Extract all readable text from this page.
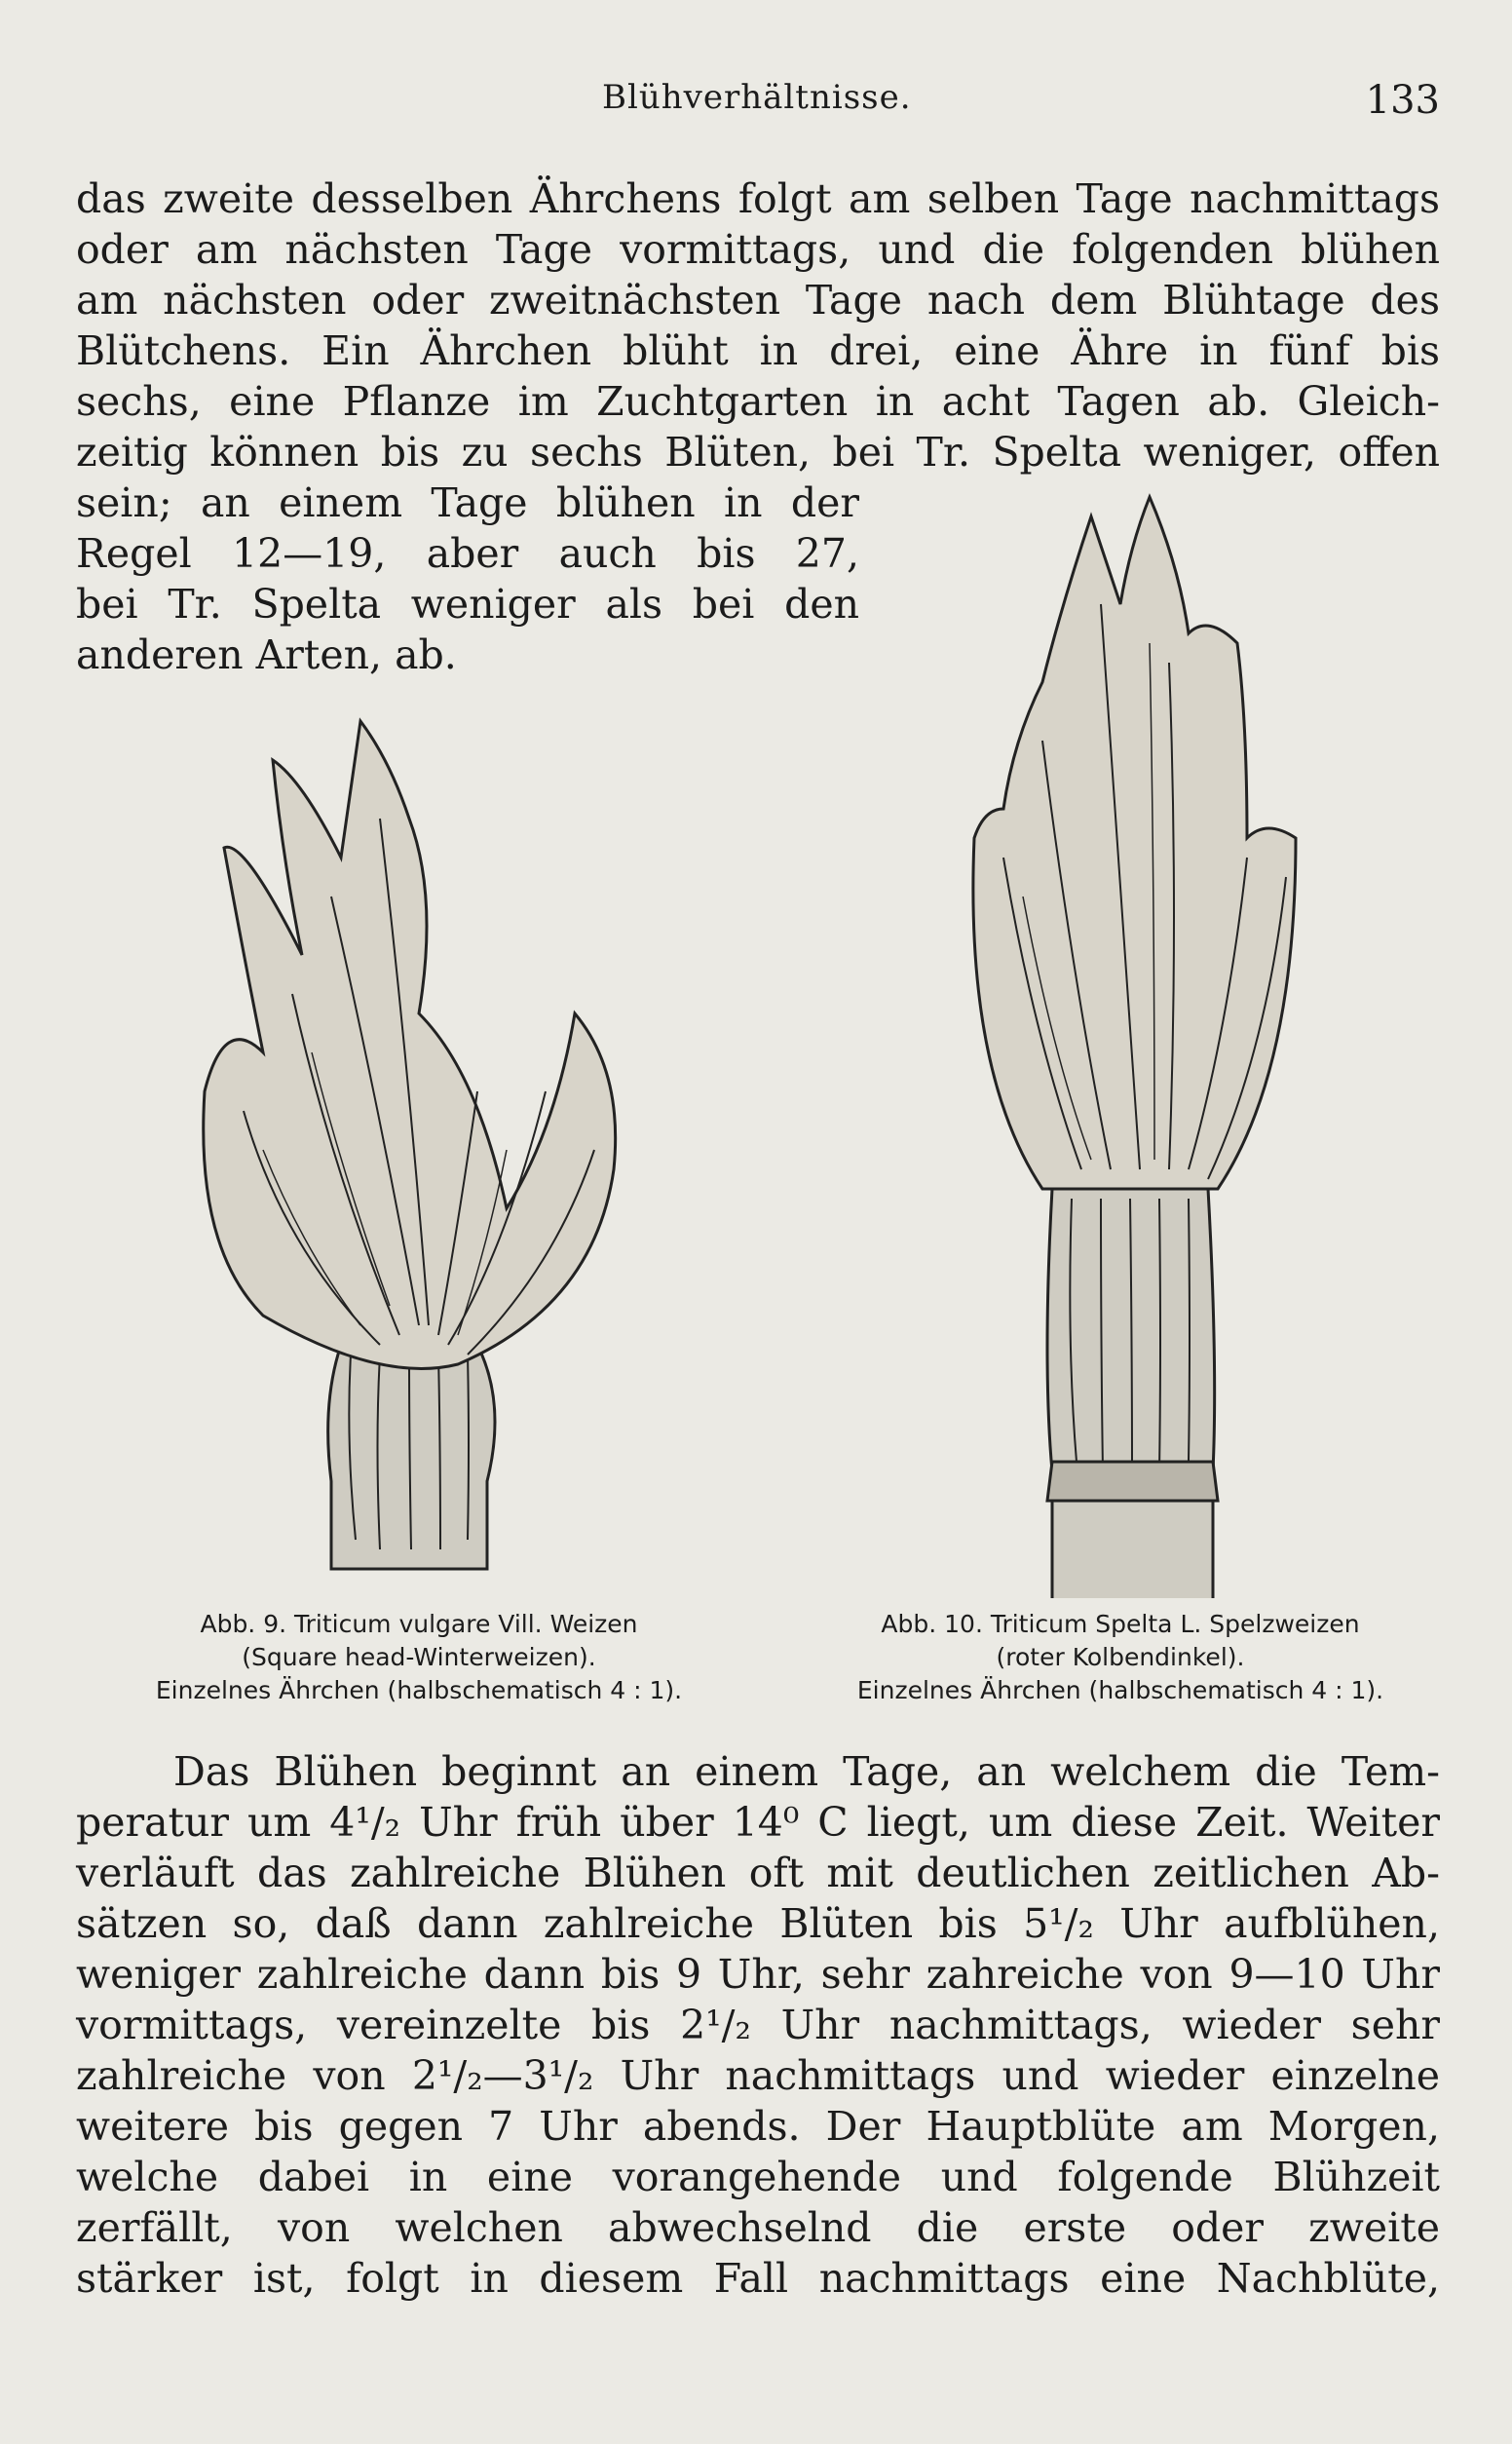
Blühverhältnisse.	133
das zweite desselben Ährchens folgt am selben Tage nachmittags
oder am nächsten Tage vormittags, und die folgenden blühen
am nächsten oder zweitnächsten Tage nach dem Blühtage des
Blütchens. Ein Ährchen blüht in drei, eine Ähre in fünf bis
sechs, eine Pflanze im Zuchtgarten in acht Tagen ab. Gleich-
zeitig können bis zu sechs Blüten, bei Tr. Spelta weniger, offen
sein; an einem Tage blühen in der
Regel 12—19, aber auch bis 27,
bei Tr. Spelta weniger als bei den
anderen Arten, ab.
Abb. 9. Triticum vulgare Vill. Weizen
(Square head-Winterweizen).
Einzelnes Ährchen (halbschematisch 4 : 1).
Abb. 10. Triticum Spelta L. Spelzweizen
(roter Kolbendinkel).
Einzelnes Ährchen (halbschematisch 4 : 1).
Das Blühen beginnt an einem Tage, an welchem die Tem-
peratur um 4¹/₂ Uhr früh über 14⁰ C liegt, um diese Zeit. Weiter
verläuft das zahlreiche Blühen oft mit deutlichen zeitlichen Ab-
sätzen so, daß dann zahlreiche Blüten bis 5¹/₂ Uhr aufblühen,
weniger zahlreiche dann bis 9 Uhr, sehr zahreiche von 9—10 Uhr
vormittags, vereinzelte bis 2¹/₂ Uhr nachmittags, wieder sehr
zahlreiche von 2¹/₂—3¹/₂ Uhr nachmittags und wieder einzelne
weitere bis gegen 7 Uhr abends. Der Hauptblüte am Morgen,
welche dabei in eine vorangehende und folgende Blühzeit
zerfällt, von welchen abwechselnd die erste oder zweite
stärker ist, folgt in diesem Fall nachmittags eine Nachblüte,
